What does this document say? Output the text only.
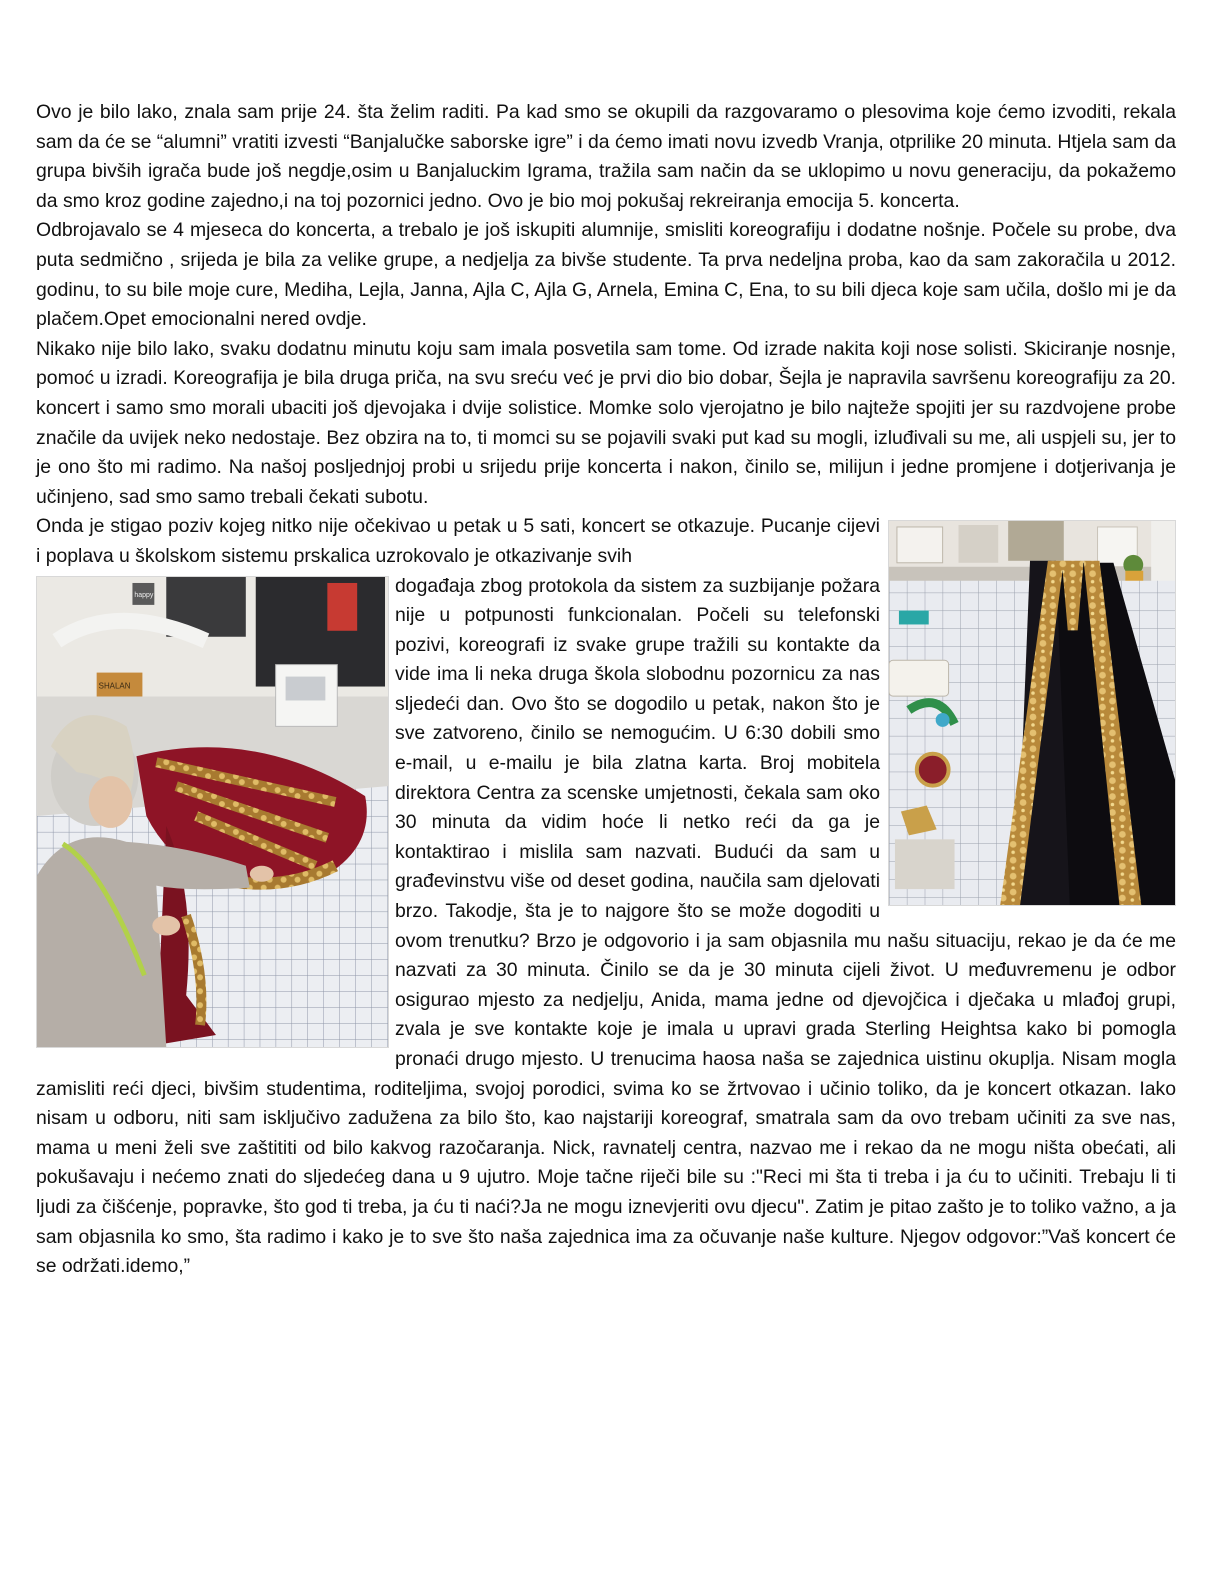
Ovo je bilo lako, znala sam prije 24. šta želim raditi. Pa kad smo se okupili da razgovaramo o plesovima koje ćemo izvoditi, rekala sam da će se “alumni” vratiti izvesti “Banjalučke saborske igre” i da ćemo imati novu izvedb Vranja, otprilike 20 minuta. Htjela sam da grupa bivših igrača bude još negdje,osim u Banjaluckim Igrama, tražila sam način da se uklopimo u novu generaciju, da pokažemo da smo kroz godine zajedno,i na toj pozornici jedno. Ovo je bio moj pokušaj rekreiranja emocija 5. koncerta.

Odbrojavalo se 4 mjeseca do koncerta, a trebalo je još iskupiti alumnije, smisliti koreografiju i dodatne nošnje. Počele su probe, dva puta sedmično , srijeda je bila za velike grupe, a nedjelja za bivše studente. Ta prva nedeljna proba, kao da sam zakoračila u 2012. godinu, to su bile moje cure, Mediha, Lejla, Janna, Ajla C, Ajla G, Arnela, Emina C, Ena, to su bili djeca koje sam učila, došlo mi je da plačem.Opet emocionalni nered ovdje.

Nikako nije bilo lako, svaku dodatnu minutu koju sam imala posvetila sam tome. Od izrade nakita koji nose solisti. Skiciranje nosnje, pomoć u izradi. Koreografija je bila druga priča, na svu sreću već je prvi dio bio dobar, Šejla je napravila savršenu koreografiju za 20. koncert i samo smo morali ubaciti još djevojaka i dvije solistice. Momke solo vjerojatno je bilo najteže spojiti jer su razdvojene probe značile da uvijek neko nedostaje. Bez obzira na to, ti momci su se pojavili svaki put kad su mogli, izluđivali su me, ali uspjeli su, jer to je ono što mi radimo. Na našoj posljednjoj probi u srijedu prije koncerta i nakon, činilo se, milijun i jedne promjene i dotjerivanja je učinjeno, sad smo samo trebali čekati subotu.

Onda je stigao poziv kojeg nitko nije očekivao u petak u 5 sati, koncert se otkazuje. Pucanje cijevi i poplava u školskom sistemu prskalica uzrokovalo je otkazivanje svih

SHALAN
happy	događaja zbog protokola da sistem za suzbijanje požara nije u potpunosti funkcionalan. Počeli su telefonski pozivi, koreografi iz svake grupe tražili su kontakte da vide ima li neka druga škola slobodnu pozornicu za nas sljedeći dan. Ovo što se dogodilo u petak, nakon što je sve zatvoreno, činilo se nemogućim. U 6:30 dobili smo e-mail, u e-mailu je bila zlatna karta. Broj mobitela direktora Centra za scenske umjetnosti, čekala sam oko 30 minuta da vidim hoće li netko reći da ga je kontaktirao i mislila sam nazvati. Budući da sam u građevinstvu više od deset godina, naučila sam djelovati brzo. Takodje, šta je to najgore što se može dogoditi u ovom trenutku? Brzo je odgovorio i ja sam objasnila mu našu situaciju, rekao je da će me nazvati za 30 minuta. Činilo se da je 30 minuta cijeli život. U međuvremenu je odbor osigurao mjesto za nedjelju, Anida, mama jedne od djevojčica i dječaka u mlađoj grupi, zvala je sve kontakte koje je imala u upravi grada Sterling Heightsa kako bi pomogla pronaći drugo mjesto. U trenucima haosa naša se zajednica uistinu okuplja. Nisam mogla zamisliti reći djeci, bivšim studentima, roditeljima, svojoj porodici, svima ko se žrtvovao i učinio toliko, da je koncert otkazan. Iako nisam u odboru, niti sam isključivo zadužena za bilo što, kao najstariji koreograf, smatrala sam da ovo trebam učiniti za sve nas, mama u meni želi sve zaštititi od bilo kakvog razočaranja. Nick, ravnatelj centra, nazvao me i rekao da ne mogu ništa obećati, ali pokušavaju i nećemo znati do sljedećeg dana u 9 ujutro. Moje tačne riječi bile su :"Reci mi šta ti treba i ja ću to učiniti. Trebaju li ti ljudi za čišćenje, popravke, što god ti treba, ja ću ti naći?Ja ne mogu iznevjeriti ovu djecu". Zatim je pitao zašto je to toliko važno, a ja sam objasnila ko smo, šta radimo i kako je to sve što naša zajednica ima za očuvanje naše kulture. Njegov odgovor:”Vaš koncert će se održati.idemo,”
